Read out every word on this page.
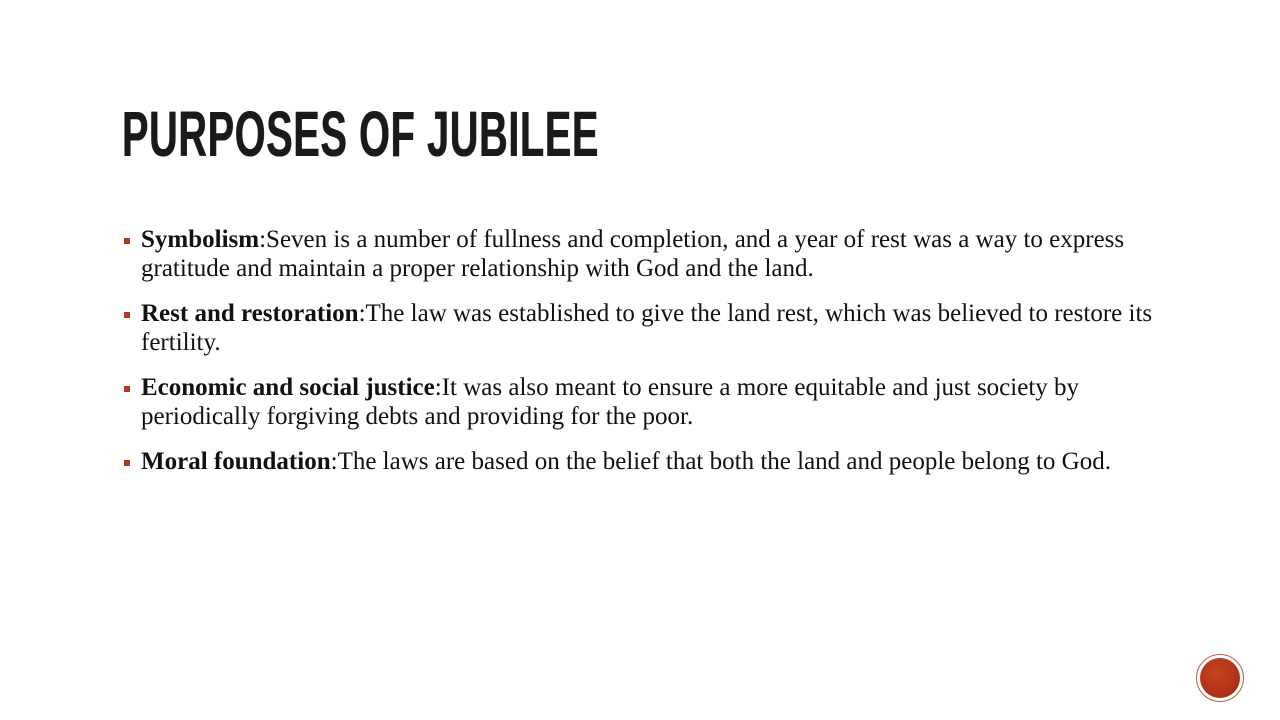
PURPOSES OF JUBILEE

Symbolism:Seven is a number of fullness and completion, and a year of rest was a way to express gratitude and maintain a proper relationship with God and the land.

Rest and restoration:The law was established to give the land rest, which was believed to restore its fertility.

Economic and social justice:It was also meant to ensure a more equitable and just society by periodically forgiving debts and providing for the poor.

Moral foundation:The laws are based on the belief that both the land and people belong to God.
